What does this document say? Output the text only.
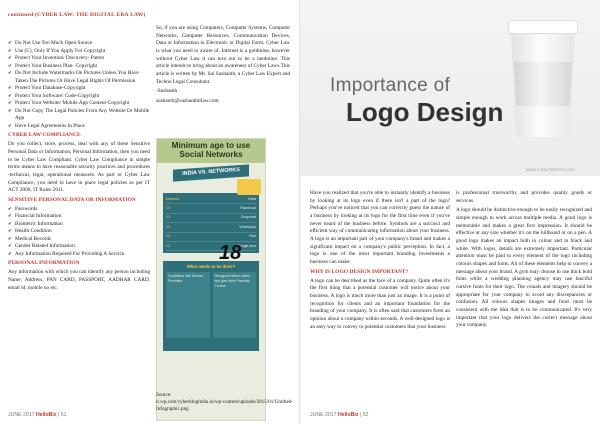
continued (CYBER LAW: THE DIGITAL ERA LAW)
✔ Do Not Use Too Much Open Source
✔ Use (C), Only If You Apply For Copyright
✔ Protect Your Invention/ Discovery- Patent
✔ Protect Your Business Plan- Copyright
✔ Do Not Include Watermarks On Pictures Unless You Have Taken The Pictures Or Have Legal Rights Of Permission
✔ Protect Your Database-Copyright
✔ Protect Your Software/ Code-Copyright
✔ Protect Your Website/ Mobile App Content-Copyright
✔ Do Not Copy The Legal Policies From Any Website Or Mobile App
✔ Have Legal Agreements In Place
CYBER LAW COMPLIANCE

Do you collect, store, process, deal with any of these Sensitive Personal Data or Information, Personal Information, then you need to be Cyber Law Compliant. Cyber Law Compliance in simple terms means to have reasonable security practices and procedures -technical, legal, operational measures. As part or Cyber Law Compliance, you need to have in place legal policies as per IT ACT 2000, IT Rules 2011.

SENSITIVE PERSONAL DATA OR INFORMATION
✔ Passwords
✔ Financial Information
✔ Biometric Information
✔ Health Condition
✔ Medical Records
✔ Gender Related Information
✔ Any Information Required For Providing A Service
PERSONAL INFORMATION

Any information with which you can identify any person including Name, Address, PAN CARD, PASSPORT, AADHAR CARD, email id, mobile no etc.

So, if you are using Computers, Computer Systems, Computer Networks, Computer Resources, Communication Devices, Data or Information in Electronic or Digital Form, Cyber Law is what you need to aware of. Internet is a goldmine, however without Cyber Law it can turn out to be a landmine. This article intends to bring about an awareness of Cyber Laws.This article is written by Mr. Sai Sushanth, a Cyber Law Expert and Techno Legal Consultant.

-Sushanth

sushanth@sushanthitlaw.com

Minimum age to use Social Networks
INDIA VS. NETWORKS
Network	India
13	Facebook
13	Snapchat
13	WhatsApp
13	Vine
13	Google plus
18
What needs to be done?
Conditions with Service Providers
Recognize Minor Users and give them Parental Control
Source:
it.wp.com/cyberbloglndia.in/wp-content/uploads/2015/01/Untitled-Infographic.png
JUNE 2017 HelloBiz | 51
Importance of
Logo Design
IMAGE © SHUTTERSTOCK.COM

Have you realized that you're able to instantly identify a business by looking at its logo even if there isn't a part of the logo? Perhaps you've noticed that you can correctly guess the nature of a business by looking at its logo for the first time even if you've never heard of the business before. Symbols are a succinct and efficient way of communicating information about your business. A logo is an important part of your company's brand and makes a significant impact on a company's public perception. In fact, a logo is one of the most important branding investments a business can make.

WHY IS LOGO DESIGN IMPORTANT?

A logo can be described as the face of a company. Quite often it's the first thing that a potential customer will notice about your business. A logo is much more than just an image. It is a point of recognition for clients and an important foundation for the branding of your company. It is often said that customers form an opinion about a company within seconds. A well-designed logo is an easy way to convey to potential customers that your business

is professional trustworthy and provides quality goods or services.

A logo should be distinctive enough to be easily recognized and simple enough to work across multiple media. A good logo is memorable and makes a great first impression. It should be effective at any size whether it's on the billboard or on a pen. A good logo makes an impact both in colour and in black and white. With logos, details are extremely important. Particular attention must be paid to every element of the logo including colours shapes and fonts. All of these elements help to convey a message about your brand. A gym may choose to use thick bold fonts while a wedding planning agency may use fanciful cursive fonts for their logo. The visuals and imagery should be appropriate for your company to avoid any discrepancies or confusion. All colours shapes images and fonts must be consistent with the idea that is to be communicated. It's very important that your logo delivers the correct message about your company.

JUNE 2017 HelloBiz | 52
